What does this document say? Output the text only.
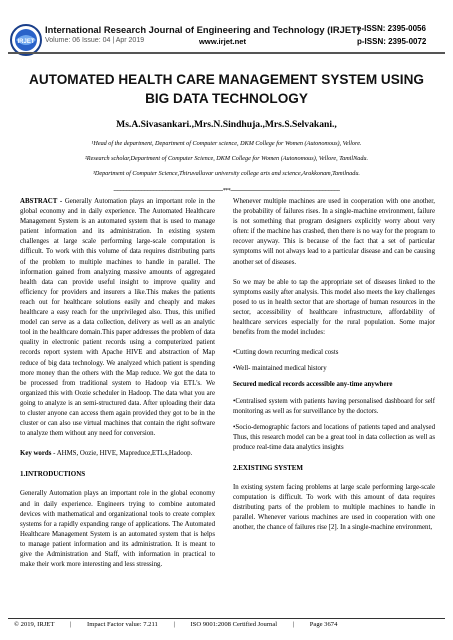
IRJET
International Research Journal of Engineering and Technology (IRJET)
e-ISSN: 2395-0056
Volume: 06 Issue: 04 | Apr 2019	www.irjet.net	p-ISSN: 2395-0072
AUTOMATED HEALTH CARE MANAGEMENT SYSTEM USING BIG DATA TECHNOLOGY
Ms.A.Sivasankari.,Mrs.N.Sindhuja.,Mrs.S.Selvakani.,
¹Head of the department, Department of Computer science, DKM College for Women (Autonomous), Vellore.
²Research scholar,Department of Computer Science, DKM College for Women (Autonomous), Vellore, TamilNadu.
³Department of Computer Science,Thiruvalluvar university college arts and science,Arakkonam,Tamilnadu.
-------------------------------------------------------------------------***-------------------------------------------------------------------------

ABSTRACT - Generally Automation plays an important role in the global economy and in daily experience. The Automated Healthcare Management System is an automated system that is used to manage patient information and its administration. In existing system challenges at large scale performing large-scale computation is difficult. To work with this volume of data requires distributing parts of the problem to multiple machines to handle in parallel. The information gained from analyzing massive amounts of aggregated health data can provide useful insight to improve quality and efficiency for providers and insurers a like.This makes the patients reach out for healthcare solutions easily and cheaply and makes healthcare a easy reach for the unprivileged also. Thus, this unified model can serve as a data collection, delivery as well as an analytic tool in the healthcare domain.This paper addresses the problem of data quality in electronic patient records using a computerized patient records report system with Apache HIVE and abstraction of Map reduce of big data technology. We analyzed which patient is spending more money than the others with the Map reduce. We got the data to be processed from traditional system to Hadoop via ETL's. We organized this with Oozie scheduler in Hadoop. The data what you are going to analyze is an semi-structured data. After uploading their data to cluster anyone can access them again provided they got to be in the cluster or can also use virtual machines that contain the right software to analyze them without any need for conversion.

Key words - AHMS, Oozie, HIVE, Mapreduce,ETLs,Hadoop.

1.INTRODUCTIONS

Generally Automation plays an important role in the global economy and in daily experience. Engineers trying to combine automated devices with mathematical and organizational tools to create complex systems for a rapidly expanding range of applications. The Automated Healthcare Management System is an automated system that is helps to manage patient information and its administration. It is meant to give the Administration and Staff, with information in practical to make their work more interesting and less stressing.

Whenever multiple machines are used in cooperation with one another, the probability of failures rises. In a single-machine environment, failure is not something that program designers explicitly worry about very often: if the machine has crashed, then there is no way for the program to recover anyway. This is because of the fact that a set of particular symptoms will not always lead to a particular disease and can be causing another set of diseases.

So we may be able to tap the appropriate set of diseases linked to the symptoms easily after analysis. This model also meets the key challenges posed to us in health sector that are shortage of human resources in the sector, accessibility of healthcare infrastructure, affordability of healthcare services especially for the rural population. Some major benefits from the model includes:

•Cutting down recurring medical costs

•Well- maintained medical history

Secured medical records accessible any-time anywhere

•Centralised system with patients having personalised dashboard for self monitoring as well as for surveillance by the doctors.

•Socio-demographic factors and locations of patients taped and analysed Thus, this research model can be a great tool in data collection as well as produce real-time data analytics insights

2.EXISTING SYSTEM

In existing system facing problems at large scale performing large-scale computation is difficult. To work with this amount of data requires distributing parts of the problem to multiple machines to handle in parallel. Whenever various machines are used in cooperation with one another, the chance of failures rise [2]. In a single-machine environment,

© 2019, IRJET | Impact Factor value: 7.211 | ISO 9001:2008 Certified Journal | Page 3674
